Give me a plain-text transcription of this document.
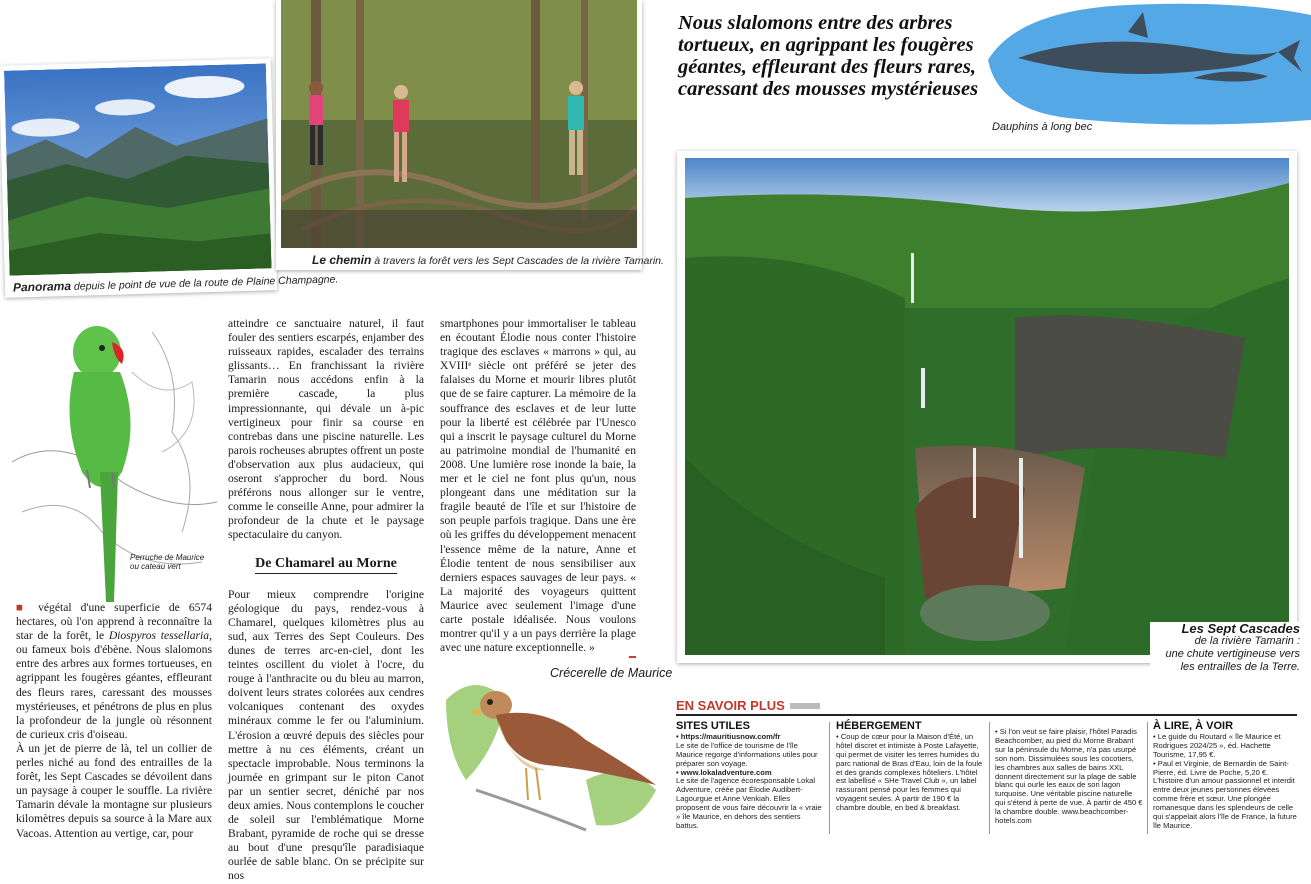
Panorama depuis le point de vue de la route de Plaine Champagne.
Le chemin à travers la forêt vers les Sept Cascades de la rivière Tamarin.
Nous slalomons entre des arbres tortueux, en agrippant les fougères géantes, effleurant des fleurs rares, caressant des mousses mystérieuses
Dauphins à long bec
Les Sept Cascades
de la rivière Tamarin :
une chute vertigineuse vers
les entrailles de la Terre.
Perruche de Maurice
ou cateau vert
Crécerelle de Maurice

■ végétal d'une superficie de 6574 hectares, où l'on apprend à reconnaître la star de la forêt, le Diospyros tessellaria, ou fameux bois d'ébène. Nous slalomons entre des arbres aux formes tortueuses, en agrippant les fougères géantes, effleurant des fleurs rares, caressant des mousses mystérieuses, et pénétrons de plus en plus la profondeur de la jungle où résonnent de curieux cris d'oiseau.

À un jet de pierre de là, tel un collier de perles niché au fond des entrailles de la forêt, les Sept Cascades se dévoilent dans un paysage à couper le souffle. La rivière Tamarin dévale la montagne sur plusieurs kilomètres depuis sa source à la Mare aux Vacoas. Attention au vertige, car, pour

atteindre ce sanctuaire naturel, il faut fouler des sentiers escarpés, enjamber des ruisseaux rapides, escalader des terrains glissants… En franchissant la rivière Tamarin nous accédons enfin à la première cascade, la plus impressionnante, qui dévale un à-pic vertigineux pour finir sa course en contrebas dans une piscine naturelle. Les parois rocheuses abruptes offrent un poste d'observation aux plus audacieux, qui oseront s'approcher du bord. Nous préférons nous allonger sur le ventre, comme le conseille Anne, pour admirer la profondeur de la chute et le paysage spectaculaire du canyon.

De Chamarel au Morne

Pour mieux comprendre l'origine géologique du pays, rendez-vous à Chamarel, quelques kilomètres plus au sud, aux Terres des Sept Couleurs. Des dunes de terres arc-en-ciel, dont les teintes oscillent du violet à l'ocre, du rouge à l'anthracite ou du bleu au marron, doivent leurs strates colorées aux cendres volcaniques contenant des oxydes minéraux comme le fer ou l'aluminium. L'érosion a œuvré depuis des siècles pour mettre à nu ces éléments, créant un spectacle improbable. Nous terminons la journée en grimpant sur le piton Canot par un sentier secret, déniché par nos deux amies. Nous contemplons le coucher de soleil sur l'emblématique Morne Brabant, pyramide de roche qui se dresse au bout d'une presqu'île paradisiaque ourlée de sable blanc. On se précipite sur nos

smartphones pour immortaliser le tableau en écoutant Élodie nous conter l'histoire tragique des esclaves « marrons » qui, au XVIIIᵉ siècle ont préféré se jeter des falaises du Morne et mourir libres plutôt que de se faire capturer. La mémoire de la souffrance des esclaves et de leur lutte pour la liberté est célébrée par l'Unesco qui a inscrit le paysage culturel du Morne au patrimoine mondial de l'humanité en 2008. Une lumière rose inonde la baie, la mer et le ciel ne font plus qu'un, nous plongeant dans une méditation sur la fragile beauté de l'île et sur l'histoire de son peuple parfois tragique. Dans une ère où les griffes du développement menacent l'essence même de la nature, Anne et Élodie tentent de nous sensibiliser aux derniers espaces sauvages de leur pays. « La majorité des voyageurs quittent Maurice avec seulement l'image d'une carte postale idéalisée. Nous voulons montrer qu'il y a un pays derrière la plage avec une nature exceptionnelle. »

━
EN SAVOIR PLUS
SITES UTILES

• https://mauritiusnow.com/fr

Le site de l'office de tourisme de l'île Maurice regorge d'informations utiles pour préparer son voyage.

• www.lokaladventure.com

Le site de l'agence écoresponsable Lokal Adventure, créée par Élodie Audibert-Lagourgue et Anne Venkiah. Elles proposent de vous faire découvrir la « vraie » île Maurice, en dehors des sentiers battus.

HÉBERGEMENT

• Coup de cœur pour la Maison d'Été, un hôtel discret et intimiste à Poste Lafayette, qui permet de visiter les terres humides du parc national de Bras d'Eau, loin de la foule et des grands complexes hôteliers. L'hôtel est labellisé « SHe Travel Club », un label rassurant pensé pour les femmes qui voyagent seules. À partir de 190 € la chambre double, en bed & breakfast.

• Si l'on veut se faire plaisir, l'hôtel Paradis Beachcomber, au pied du Morne Brabant sur la péninsule du Morne, n'a pas usurpé son nom. Dissimulées sous les cocotiers, les chambres aux salles de bains XXL donnent directement sur la plage de sable blanc qui ourle les eaux de son lagon turquoise. Une véritable piscine naturelle qui s'étend à perte de vue. À partir de 450 € la chambre double. www.beachcomber-hotels.com

À LIRE, À VOIR

• Le guide du Routard « île Maurice et Rodrigues 2024/25 », éd. Hachette Tourisme, 17,95 €.

• Paul et Virginie, de Bernardin de Saint-Pierre, éd. Livre de Poche, 5,20 €. L'histoire d'un amour passionnel et interdit entre deux jeunes personnes élevées comme frère et sœur. Une plongée romanesque dans les splendeurs de celle qui s'appelait alors l'île de France, la future île Maurice.
